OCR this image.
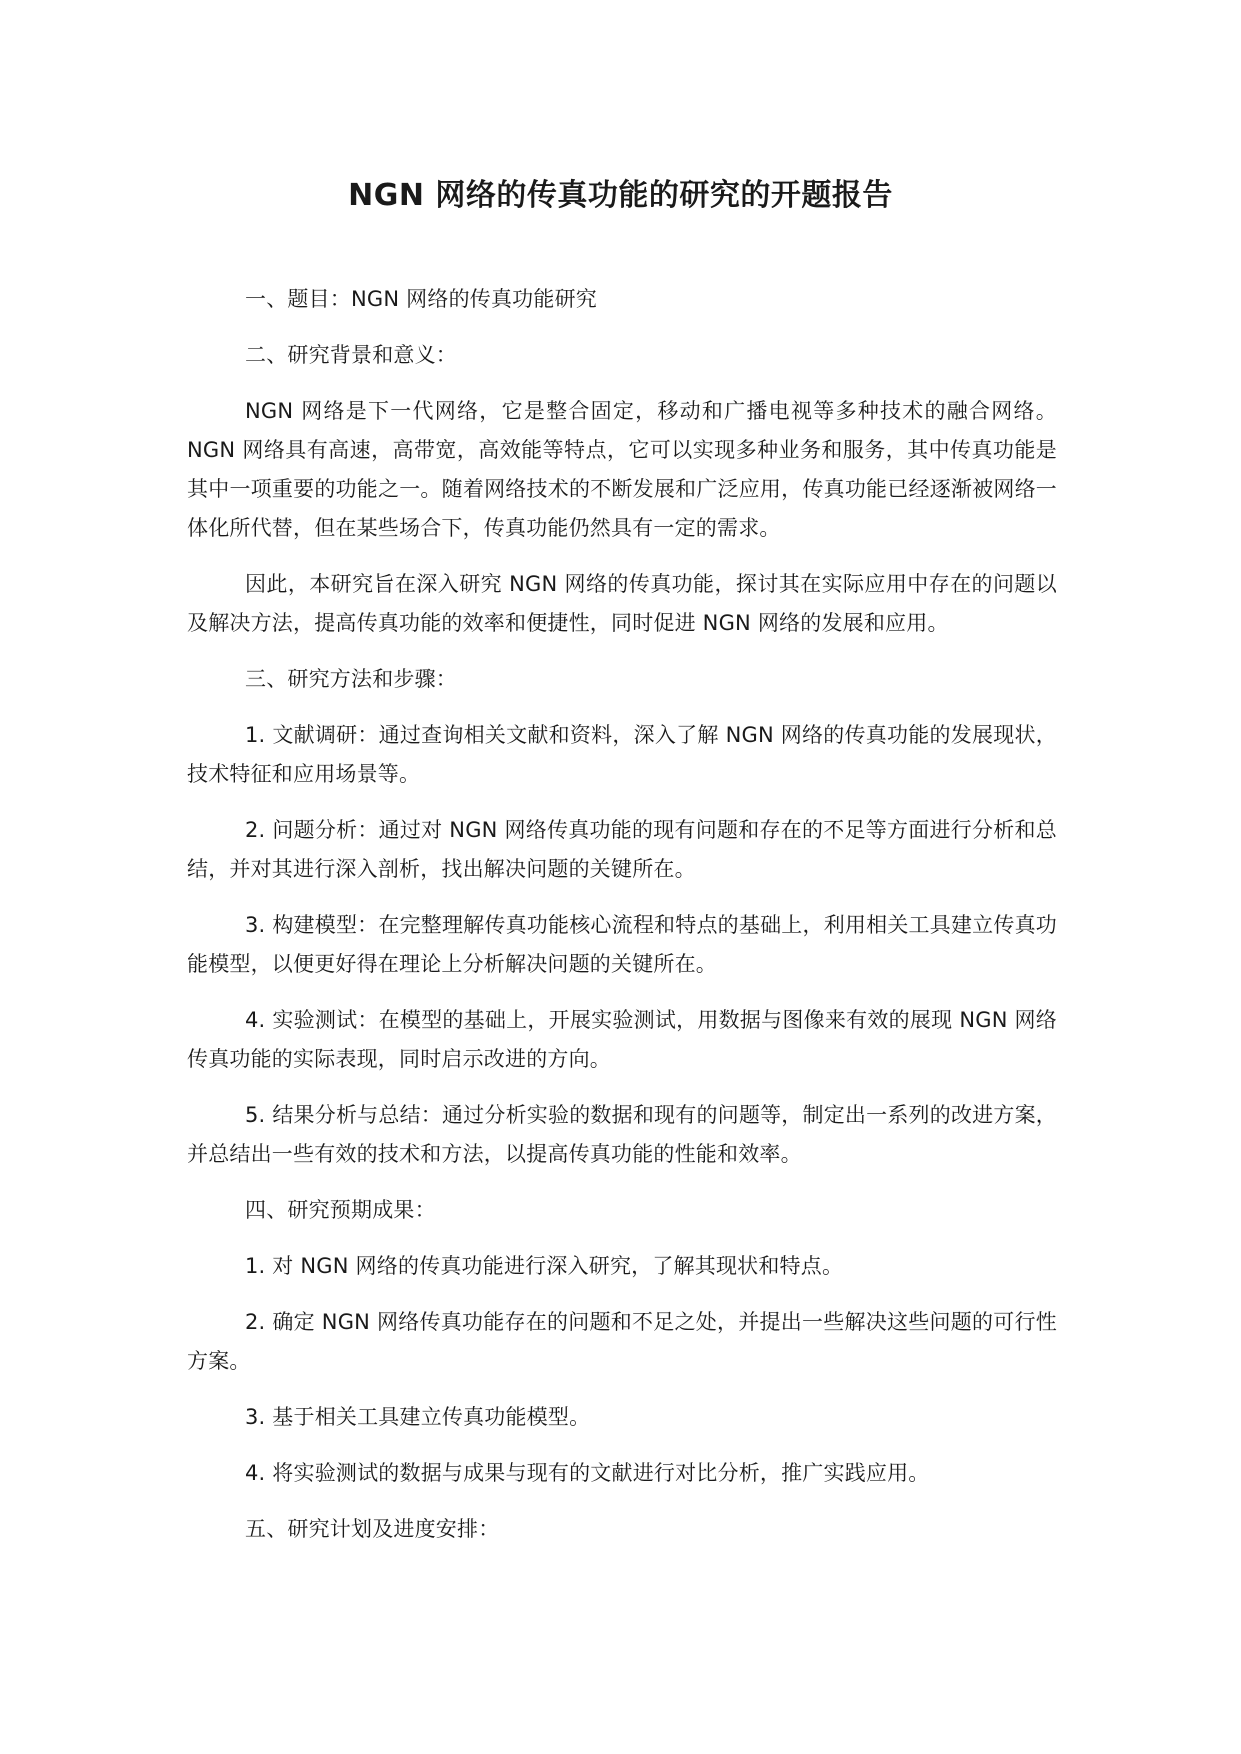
NGN 网络的传真功能的研究的开题报告

一、题目：NGN 网络的传真功能研究

二、研究背景和意义：

NGN 网络是下一代网络，它是整合固定，移动和广播电视等多种技术的融合网络。NGN 网络具有高速，高带宽，高效能等特点，它可以实现多种业务和服务，其中传真功能是其中一项重要的功能之一。随着网络技术的不断发展和广泛应用，传真功能已经逐渐被网络一体化所代替，但在某些场合下，传真功能仍然具有一定的需求。

因此，本研究旨在深入研究 NGN 网络的传真功能，探讨其在实际应用中存在的问题以及解决方法，提高传真功能的效率和便捷性，同时促进 NGN 网络的发展和应用。

三、研究方法和步骤：

1. 文献调研：通过查询相关文献和资料，深入了解 NGN 网络的传真功能的发展现状，技术特征和应用场景等。

2. 问题分析：通过对 NGN 网络传真功能的现有问题和存在的不足等方面进行分析和总结，并对其进行深入剖析，找出解决问题的关键所在。

3. 构建模型：在完整理解传真功能核心流程和特点的基础上，利用相关工具建立传真功能模型，以便更好得在理论上分析解决问题的关键所在。

4. 实验测试：在模型的基础上，开展实验测试，用数据与图像来有效的展现 NGN 网络传真功能的实际表现，同时启示改进的方向。

5. 结果分析与总结：通过分析实验的数据和现有的问题等，制定出一系列的改进方案，并总结出一些有效的技术和方法，以提高传真功能的性能和效率。

四、研究预期成果：

1. 对 NGN 网络的传真功能进行深入研究，了解其现状和特点。

2. 确定 NGN 网络传真功能存在的问题和不足之处，并提出一些解决这些问题的可行性方案。

3. 基于相关工具建立传真功能模型。

4. 将实验测试的数据与成果与现有的文献进行对比分析，推广实践应用。

五、研究计划及进度安排：
